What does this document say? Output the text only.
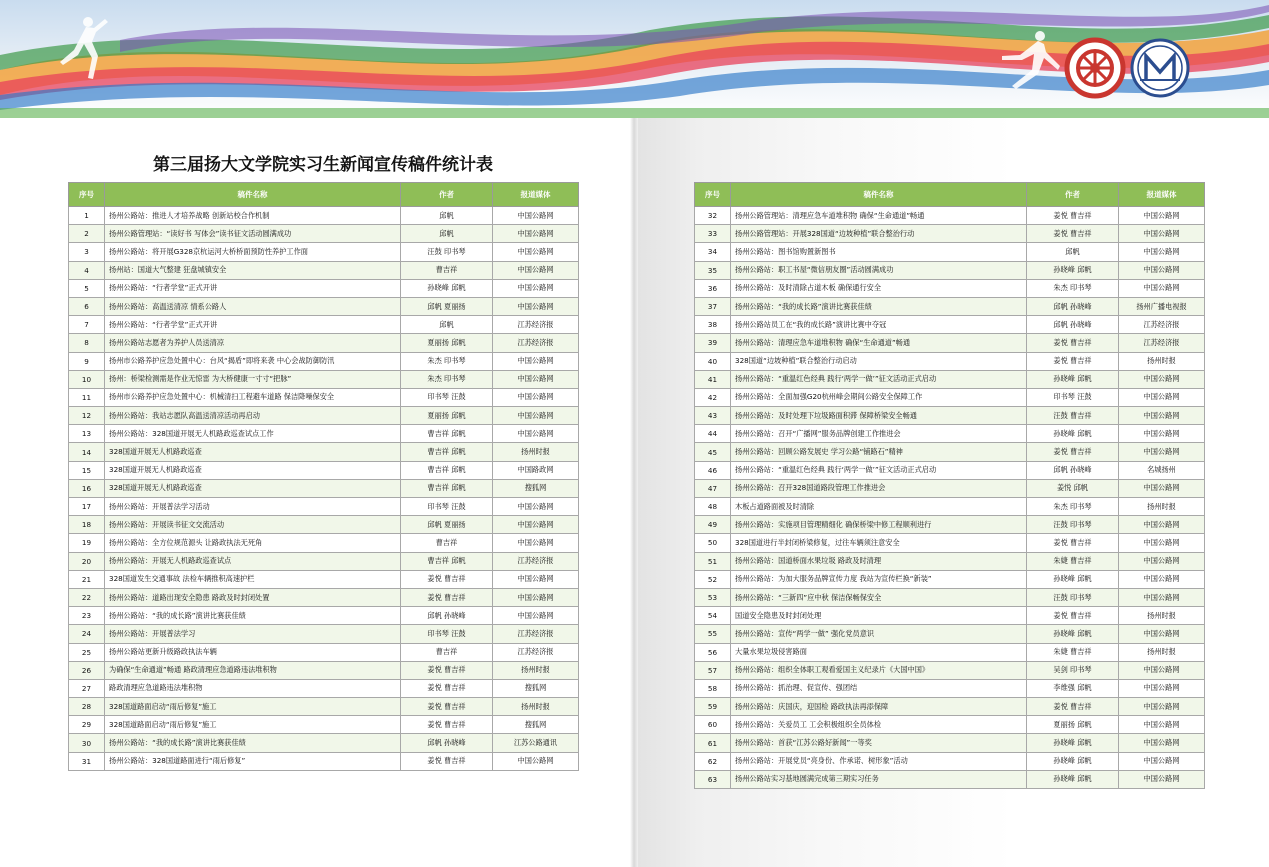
第三届扬大文学院实习生新闻宣传稿件统计表
序号	稿件名称	作者	报道媒体
1	扬州公路站：推进人才培养战略 创新站校合作机制	邱帆	中国公路网
2	扬州公路管理站：“读好书 写体会”读书征文活动圆满成功	邱帆	中国公路网
3	扬州公路站：将开展G328京杭运河大桥桥面预防性养护工作面	汪鼓 印书琴	中国公路网
4	扬州站：国道大气整建 狂盘城镇安全	曹吉祥	中国公路网
5	扬州公路站：“行者学堂”正式开讲	孙晓峰 邱帆	中国公路网
6	扬州公路站：高温送清凉 情系公路人	邱帆 夏丽扬	中国公路网
7	扬州公路站：“行者学堂”正式开讲	邱帆	江苏经济报
8	扬州公路站志愿者为养护人员送清凉	夏丽扬 邱帆	江苏经济报
9	扬州市公路养护应急处置中心：台风“揭盾”即将来袭 中心会战防御防汛	朱杰 印书琴	中国公路网
10	扬州：桥梁检测需是作业无惊雷 为大桥健康一寸寸“把脉”	朱杰 印书琴	中国公路网
11	扬州市公路养护应急处置中心：机械清扫工程避车道路 保洁降噪保安全	印书琴 汪鼓	中国公路网
12	扬州公路站：我站志愿队高温送清凉活动再启动	夏丽扬 邱帆	中国公路网
13	扬州公路站：328国道开展无人机路政巡查试点工作	曹吉祥 邱帆	中国公路网
14	328国道开展无人机路政巡查	曹吉祥 邱帆	扬州时报
15	328国道开展无人机路政巡查	曹吉祥 邱帆	中国路政网
16	328国道开展无人机路政巡查	曹吉祥 邱帆	搜狐网
17	扬州公路站：开展普法学习活动	印书琴 汪鼓	中国公路网
18	扬州公路站：开展读书征文交流活动	邱帆 夏丽扬	中国公路网
19	扬州公路站：全方位规范源头 让路政执法无死角	曹吉祥	中国公路网
20	扬州公路站：开展无人机路政巡查试点	曹吉祥 邱帆	江苏经济报
21	328国道发生交通事故 法检车辆推积高速护栏	姜悦 曹吉祥	中国公路网
22	扬州公路站：道路出现安全隐患 路政及时封闭处置	姜悦 曹吉祥	中国公路网
23	扬州公路站：“我的成长路”演讲比赛获佳绩	邱帆 孙晓峰	中国公路网
24	扬州公路站：开展普法学习	印书琴 汪鼓	江苏经济报
25	扬州公路站更新升级路政执法车辆	曹吉祥	江苏经济报
26	为确保“生命通道”畅通 路政清理应急道路违法堆积物	姜悦 曹吉祥	扬州时报
27	路政清理应急道路违法堆积物	姜悦 曹吉祥	搜狐网
28	328国道路面启动“雨后修复”施工	姜悦 曹吉祥	扬州时报
29	328国道路面启动“雨后修复”施工	姜悦 曹吉祥	搜狐网
30	扬州公路站：“我的成长路”演讲比赛获佳绩	邱帆 孙晓峰	江苏公路通讯
31	扬州公路站：328国道路面进行“雨后修复”	姜悦 曹吉祥	中国公路网
序号	稿件名称	作者	报道媒体
32	扬州公路管理站：清理应急车道堆积物 确保“生命通道”畅通	姜悦 曹吉祥	中国公路网
33	扬州公路管理站：开展328国道“边坡种植”联合整治行动	姜悦 曹吉祥	中国公路网
34	扬州公路站：图书馆购置新图书	邱帆	中国公路网
35	扬州公路站：职工书屋“微信朋友圈”活动圆满成功	孙晓峰 邱帆	中国公路网
36	扬州公路站：及时清除占道木板 确保通行安全	朱杰 印书琴	中国公路网
37	扬州公路站：“我的成长路”演讲比赛获佳绩	邱帆 孙晓峰	扬州广播电视报
38	扬州公路站员工在“我的成长路”演讲比赛中夺冠	邱帆 孙晓峰	江苏经济报
39	扬州公路站：清理应急车道堆积物 确保“生命通道”畅通	姜悦 曹吉祥	江苏经济报
40	328国道“边坡种植”联合整治行动启动	姜悦 曹吉祥	扬州时报
41	扬州公路站：“重温红色经典 践行‘两学一做’”征文活动正式启动	孙晓峰 邱帆	中国公路网
42	扬州公路站：全面加强G20杭州峰会期间公路安全保障工作	印书琴 汪鼓	中国公路网
43	扬州公路站：及时处理下垃圾路面积滞 保障桥梁安全畅通	汪鼓 曹吉祥	中国公路网
44	扬州公路站：召开“广播网”服务品牌创建工作推进会	孙晓峰 邱帆	中国公路网
45	扬州公路站：回顾公路发展史 学习公路“铺路石”精神	姜悦 曹吉祥	中国公路网
46	扬州公路站：“重温红色经典 践行‘两学一做’”征文活动正式启动	邱帆 孙晓峰	名城扬州
47	扬州公路站：召开328国道路段管理工作推进会	姜悦 邱帆	中国公路网
48	木板占道路面被及时清除	朱杰 印书琴	扬州时报
49	扬州公路站：实施项目管理精细化 确保桥梁中修工程顺利进行	汪鼓 印书琴	中国公路网
50	328国道进行半封闭桥梁修复，过往车辆须注意安全	姜悦 曹吉祥	中国公路网
51	扬州公路站：国道桥面水果垃圾 路政及时清理	朱婕 曹吉祥	中国公路网
52	扬州公路站：为加大服务品牌宣传力度 我站为宣传栏换“新装”	孙晓峰 邱帆	中国公路网
53	扬州公路站：“三新四”应中秋 保洁保畅保安全	汪鼓 印书琴	中国公路网
54	国道安全隐患及时封闭处理	姜悦 曹吉祥	扬州时报
55	扬州公路站：宣传“两学一做” 强化党员意识	孙晓峰 邱帆	中国公路网
56	大量水果垃圾侵害路面	朱婕 曹吉祥	扬州时报
57	扬州公路站：组织全体职工观看爱国主义纪录片《大国中国》	吴剑 印书琴	中国公路网
58	扬州公路站：抓治理、促宣传、强团结	李维强 邱帆	中国公路网
59	扬州公路站：庆国庆，迎国检 路政执法再添保障	姜悦 曹吉祥	中国公路网
60	扬州公路站：关爱员工 工会积极组织全员体检	夏丽扬 邱帆	中国公路网
61	扬州公路站：首获“江苏公路好新闻”一等奖	孙晓峰 邱帆	中国公路网
62	扬州公路站：开展党员“亮身份、作承诺、树形象”活动	孙晓峰 邱帆	中国公路网
63	扬州公路站实习基地圆满完成第三期实习任务	孙晓峰 邱帆	中国公路网
